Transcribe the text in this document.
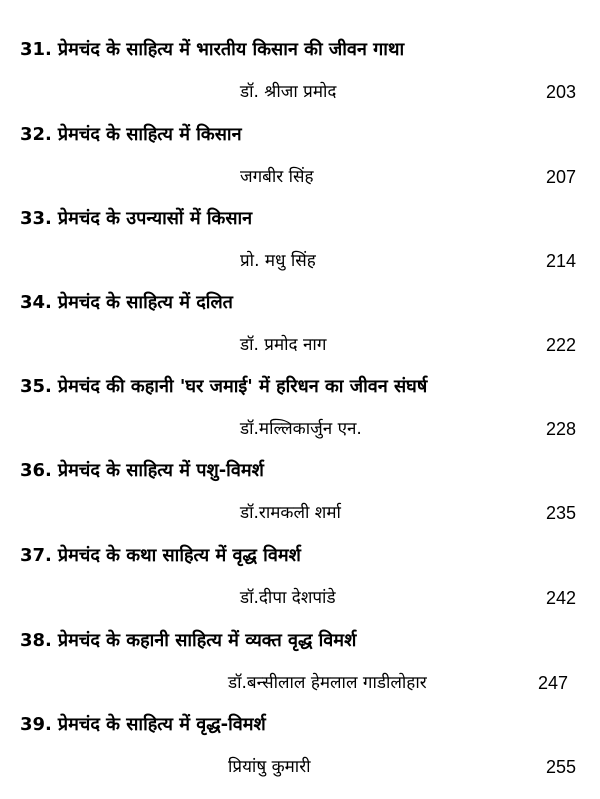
31. प्रेमचंद के साहित्य में भारतीय किसान की जीवन गाथा
डॉ. श्रीजा प्रमोद	203
32. प्रेमचंद के साहित्य में किसान
जगबीर सिंह	207
33. प्रेमचंद के उपन्यासों में किसान
प्रो. मधु सिंह	214
34. प्रेमचंद के साहित्य में दलित
डॉ. प्रमोद नाग	222
35. प्रेमचंद की कहानी 'घर जमाई' में हरिधन का जीवन संघर्ष
डॉ.मल्लिकार्जुन एन.	228
36. प्रेमचंद के साहित्य में पशु-विमर्श
डॉ.रामकली शर्मा	235
37. प्रेमचंद के कथा साहित्य में वृद्ध विमर्श
डॉ.दीपा देशपांडे	242
38. प्रेमचंद के कहानी साहित्य में व्यक्त वृद्ध विमर्श
डॉ.बन्सीलाल हेमलाल गाडीलोहार	247
39. प्रेमचंद के साहित्य में वृद्ध-विमर्श
प्रियांषु कुमारी	255
